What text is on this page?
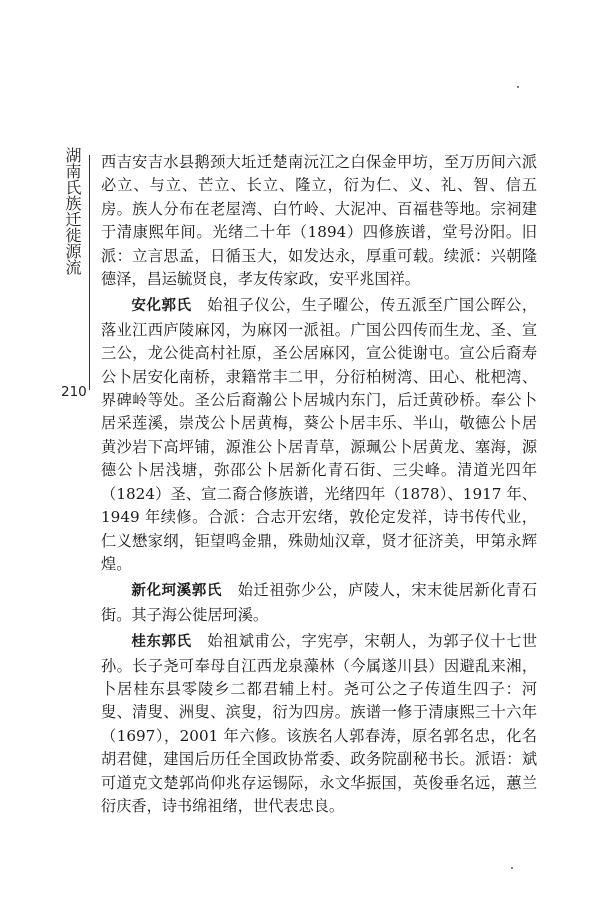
湖南氏族迁徙源流
210

西吉安吉水县鹅颈大坵迁楚南沅江之白保金甲坊，至万历间六派必立、与立、芒立、长立、隆立，衍为仁、义、礼、智、信五房。族人分布在老屋湾、白竹岭、大泥冲、百福巷等地。宗祠建于清康熙年间。光绪二十年（1894）四修族谱，堂号汾阳。旧派：立言思孟，日循玉大，如发达永，厚重可载。续派：兴朝隆德泽，昌运毓贤良，孝友传家政，安平兆国祥。

安化郭氏  始祖子仪公，生子曜公，传五派至广国公晖公，落业江西庐陵麻冈，为麻冈一派祖。广国公四传而生龙、圣、宣三公，龙公徙高村社原，圣公居麻冈，宣公徙谢屯。宣公后裔寿公卜居安化南桥，隶籍常丰二甲，分衍柏树湾、田心、枇杷湾、界碑岭等处。圣公后裔瀚公卜居城内东门，后迁黄砂桥。奉公卜居采莲溪，崇茂公卜居黄梅，葵公卜居丰乐、半山，敬德公卜居黄沙岩下高坪铺，源淮公卜居青草，源珮公卜居黄龙、塞海，源德公卜居浅塘，弥邵公卜居新化青石街、三尖峰。清道光四年（1824）圣、宣二裔合修族谱，光绪四年（1878）、1917 年、1949 年续修。合派：合志开宏绪，敦伦定发祥，诗书传代业，仁义懋家纲，钜望鸣金鼎，殊勋灿汉章，贤才征济美，甲第永辉煌。

新化珂溪郭氏  始迁祖弥少公，庐陵人，宋末徙居新化青石街。其子海公徙居珂溪。

桂东郭氏  始祖斌甫公，字宪亭，宋朝人，为郭子仪十七世孙。长子尧可奉母自江西龙泉藻林（今属遂川县）因避乱来湘，卜居桂东县零陵乡二都君辅上村。尧可公之子传道生四子：河叟、清叟、洲叟、滨叟，衍为四房。族谱一修于清康熙三十六年（1697），2001 年六修。该族名人郭春涛，原名郭名忠，化名胡君健，建国后历任全国政协常委、政务院副秘书长。派语：斌可道克文楚郭尚仰兆存运锡际，永文华振国，英俊垂名远，蕙兰衍庆香，诗书绵祖绪，世代表忠良。
